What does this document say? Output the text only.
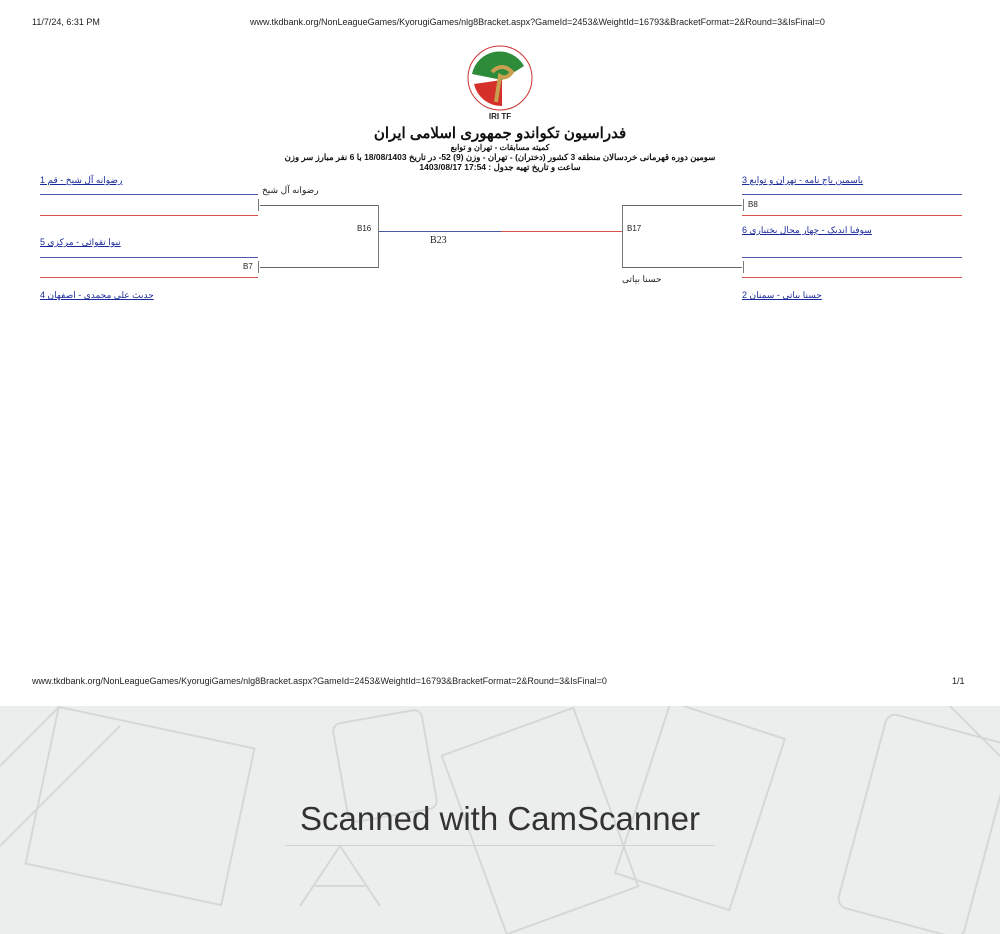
11/7/24, 6:31 PM	www.tkdbank.org/NonLeagueGames/KyorugiGames/nlg8Bracket.aspx?GameId=2453&WeightId=16793&BracketFormat=2&Round=3&IsFinal=0
IRI TF
فدراسیون تکواندو جمهوری اسلامی ایران
کمیته مسابقات - تهران و توابع
سومین دوره قهرمانی خردسالان منطقه 3 کشور (دختران) - تهران - وزن (9) 52- در تاریخ 18/08/1403 با 6 نفر مبارز سر وزن
ساعت و تاریخ تهیه جدول : 17:54 1403/08/17
رضوانه آل شیخ - قم 1
رضوانه آل شیخ
نیوا تقوائی - مرکزی 5
B7
حدیث علی محمدی - اصفهان 4
B16
B23
B17
حسنا بیاتی
یاسمین باج نامه - تهران و توابع 3
B8
سوفیا اندیک - چهار محال بختیاری 6
حسنا بیاتی - سمنان 2
www.tkdbank.org/NonLeagueGames/KyorugiGames/nlg8Bracket.aspx?GameId=2453&WeightId=16793&BracketFormat=2&Round=3&IsFinal=0	1/1
Scanned with CamScanner
